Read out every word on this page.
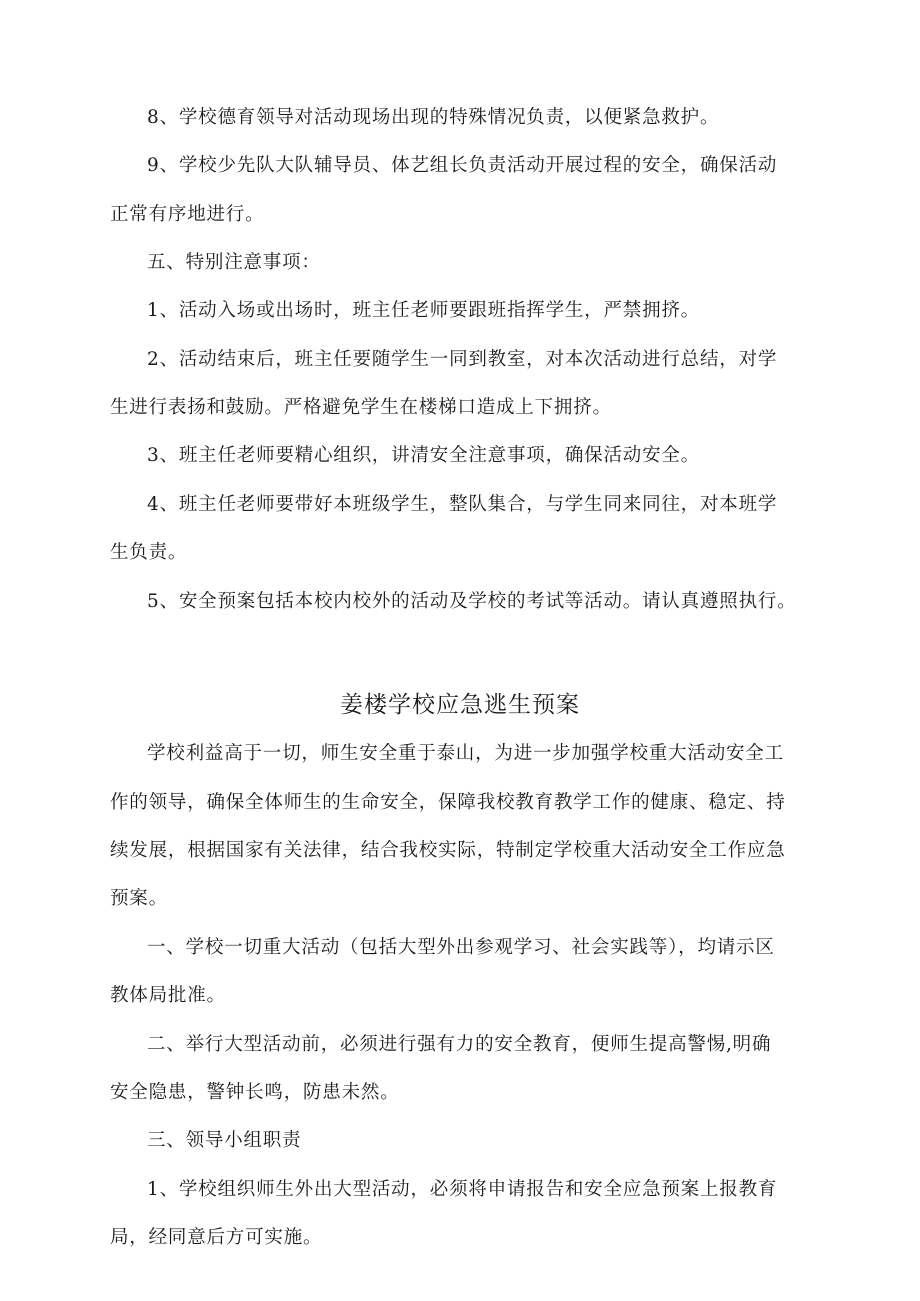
8、学校德育领导对活动现场出现的特殊情况负责，以便紧急救护。
9、学校少先队大队辅导员、体艺组长负责活动开展过程的安全，确保活动
正常有序地进行。
五、特别注意事项：
1、活动入场或出场时，班主任老师要跟班指挥学生，严禁拥挤。
2、活动结束后，班主任要随学生一同到教室，对本次活动进行总结，对学
生进行表扬和鼓励。严格避免学生在楼梯口造成上下拥挤。
3、班主任老师要精心组织，讲清安全注意事项，确保活动安全。
4、班主任老师要带好本班级学生，整队集合，与学生同来同往，对本班学
生负责。
5、安全预案包括本校内校外的活动及学校的考试等活动。请认真遵照执行。
姜楼学校应急逃生预案
学校利益高于一切，师生安全重于泰山，为进一步加强学校重大活动安全工
作的领导，确保全体师生的生命安全，保障我校教育教学工作的健康、稳定、持
续发展，根据国家有关法律，结合我校实际，特制定学校重大活动安全工作应急
预案。
一、学校一切重大活动（包括大型外出参观学习、社会实践等），均请示区
教体局批准。
二、举行大型活动前，必须进行强有力的安全教育，便师生提高警惕,明确
安全隐患，警钟长鸣，防患未然。
三、领导小组职责
1、学校组织师生外出大型活动，必须将申请报告和安全应急预案上报教育
局，经同意后方可实施。
